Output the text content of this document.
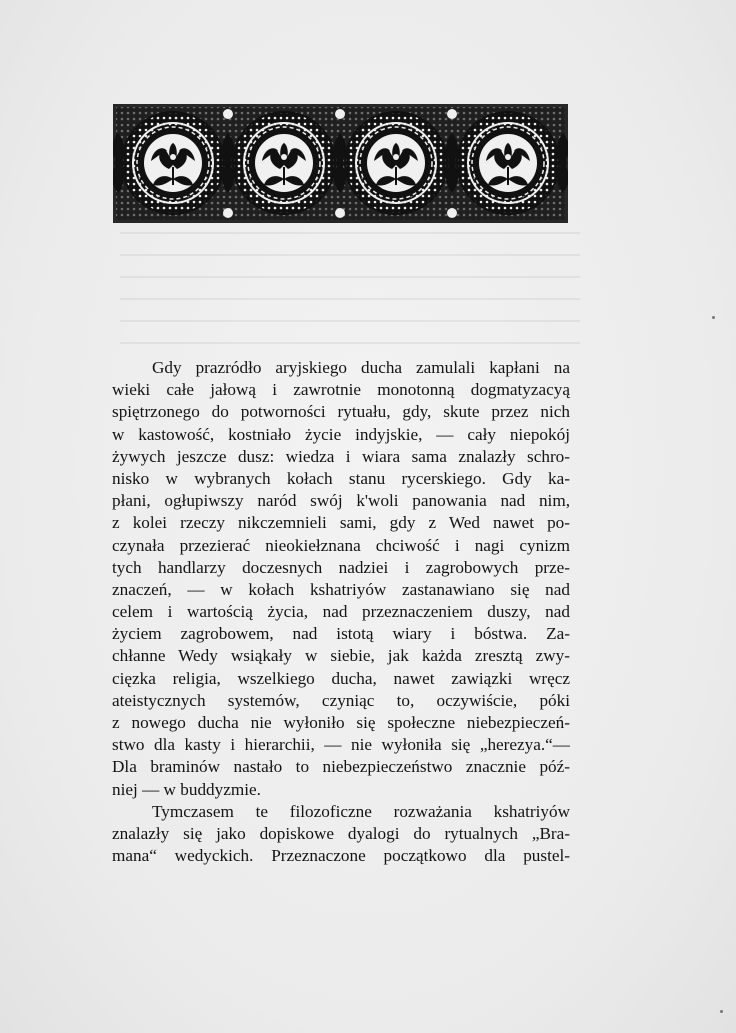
Gdy prazródło aryjskiego ducha zamulali kapłani na
wieki całe jałową i zawrotnie monotonną dogmatyzacyą
spiętrzonego do potworności rytuału, gdy, skute przez nich
w kastowość, kostniało życie indyjskie, — cały niepokój
żywych jeszcze dusz: wiedza i wiara sama znalazły schro-
nisko w wybranych kołach stanu rycerskiego. Gdy ka-
płani, ogłupiwszy naród swój k'woli panowania nad nim,
z kolei rzeczy nikczemnieli sami, gdy z Wed nawet po-
czynała przezierać nieokiełznana chciwość i nagi cynizm
tych handlarzy doczesnych nadziei i zagrobowych prze-
znaczeń, — w kołach kshatriyów zastanawiano się nad
celem i wartością życia, nad przeznaczeniem duszy, nad
życiem zagrobowem, nad istotą wiary i bóstwa. Za-
chłanne Wedy wsiąkały w siebie, jak każda zresztą zwy-
cięzka religia, wszelkiego ducha, nawet zawiązki wręcz
ateistycznych systemów, czyniąc to, oczywiście, póki
z nowego ducha nie wyłoniło się społeczne niebezpieczeń-
stwo dla kasty i hierarchii, — nie wyłoniła się „herezya.“—
Dla braminów nastało to niebezpieczeństwo znacznie póź-
niej — w buddyzmie.
Tymczasem te filozoficzne rozważania kshatriyów
znalazły się jako dopiskowe dyalogi do rytualnych „Bra-
mana“ wedyckich. Przeznaczone początkowo dla pustel-
